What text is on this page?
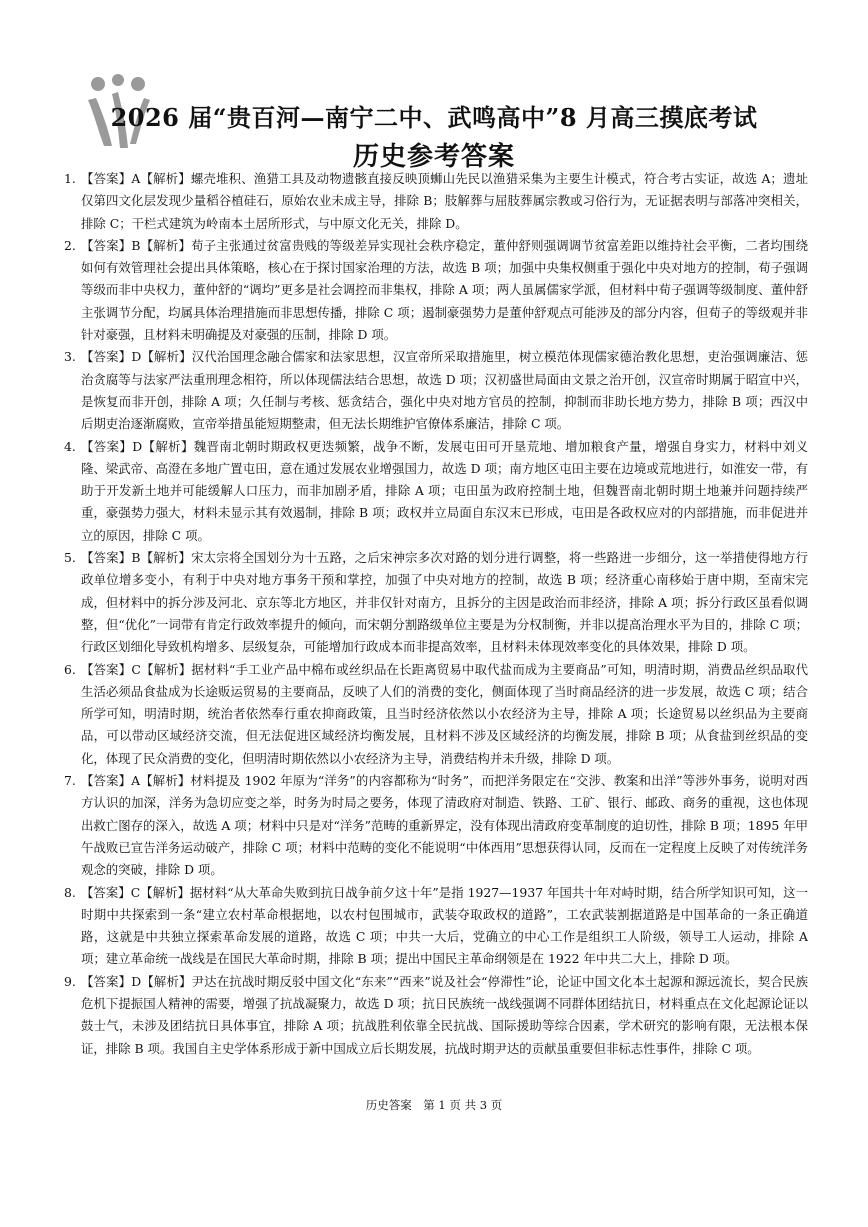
2026 届“贵百河—南宁二中、武鸣高中”8 月高三摸底考试
历史参考答案
1. 【答案】A【解析】螺壳堆积、渔猎工具及动物遗骸直接反映顶蛳山先民以渔猎采集为主要生计模式，符合考古实证，故选 A；遗址仅第四文化层发现少量稻谷植硅石，原始农业未成主导，排除 B；肢解葬与屈肢葬属宗教或习俗行为，无证据表明与部落冲突相关，排除 C；干栏式建筑为岭南本土居所形式，与中原文化无关，排除 D。
2. 【答案】B【解析】荀子主张通过贫富贵贱的等级差异实现社会秩序稳定，董仲舒则强调调节贫富差距以维持社会平衡，二者均围绕如何有效管理社会提出具体策略，核心在于探讨国家治理的方法，故选 B 项；加强中央集权侧重于强化中央对地方的控制，荀子强调等级而非中央权力，董仲舒的“调均”更多是社会调控而非集权，排除 A 项；两人虽属儒家学派，但材料中荀子强调等级制度、董仲舒主张调节分配，均属具体治理措施而非思想传播，排除 C 项；遏制豪强势力是董仲舒观点可能涉及的部分内容，但荀子的等级观并非针对豪强，且材料未明确提及对豪强的压制，排除 D 项。
3. 【答案】D【解析】汉代治国理念融合儒家和法家思想，汉宣帝所采取措施里，树立模范体现儒家德治教化思想，吏治强调廉洁、惩治贪腐等与法家严法重刑理念相符，所以体现儒法结合思想，故选 D 项；汉初盛世局面由文景之治开创，汉宣帝时期属于昭宣中兴，是恢复而非开创，排除 A 项；久任制与考核、惩贪结合，强化中央对地方官员的控制，抑制而非助长地方势力，排除 B 项；西汉中后期吏治逐渐腐败，宣帝举措虽能短期整肃，但无法长期维护官僚体系廉洁，排除 C 项。
4. 【答案】D【解析】魏晋南北朝时期政权更迭频繁，战争不断，发展屯田可开垦荒地、增加粮食产量，增强自身实力，材料中刘义隆、梁武帝、高澄在多地广置屯田，意在通过发展农业增强国力，故选 D 项；南方地区屯田主要在边境或荒地进行，如淮安一带，有助于开发新土地并可能缓解人口压力，而非加剧矛盾，排除 A 项；屯田虽为政府控制土地，但魏晋南北朝时期土地兼并问题持续严重，豪强势力强大，材料未显示其有效遏制，排除 B 项；政权并立局面自东汉末已形成，屯田是各政权应对的内部措施，而非促进并立的原因，排除 C 项。
5. 【答案】B【解析】宋太宗将全国划分为十五路，之后宋神宗多次对路的划分进行调整，将一些路进一步细分，这一举措使得地方行政单位增多变小，有利于中央对地方事务干预和掌控，加强了中央对地方的控制，故选 B 项；经济重心南移始于唐中期，至南宋完成，但材料中的拆分涉及河北、京东等北方地区，并非仅针对南方，且拆分的主因是政治而非经济，排除 A 项；拆分行政区虽看似调整，但“优化”一词带有肯定行政效率提升的倾向，而宋朝分割路级单位主要是为分权制衡，并非以提高治理水平为目的，排除 C 项；行政区划细化导致机构增多、层级复杂，可能增加行政成本而非提高效率，且材料未体现效率变化的具体效果，排除 D 项。
6. 【答案】C【解析】据材料“手工业产品中棉布或丝织品在长距离贸易中取代盐而成为主要商品”可知，明清时期，消费品丝织品取代生活必须品食盐成为长途贩运贸易的主要商品，反映了人们的消费的变化，侧面体现了当时商品经济的进一步发展，故选 C 项；结合所学可知，明清时期，统治者依然奉行重农抑商政策，且当时经济依然以小农经济为主导，排除 A 项；长途贸易以丝织品为主要商品，可以带动区域经济交流，但无法促进区域经济均衡发展，且材料不涉及区域经济的均衡发展，排除 B 项；从食盐到丝织品的变化，体现了民众消费的变化，但明清时期依然以小农经济为主导，消费结构并未升级，排除 D 项。
7. 【答案】A【解析】材料提及 1902 年原为“洋务”的内容都称为“时务”，而把洋务限定在“交涉、教案和出洋”等涉外事务，说明对西方认识的加深，洋务为急切应变之举，时务为时局之要务，体现了清政府对制造、铁路、工矿、银行、邮政、商务的重视，这也体现出救亡图存的深入，故选 A 项；材料中只是对“洋务”范畴的重新界定，没有体现出清政府变革制度的迫切性，排除 B 项；1895 年甲午战败已宣告洋务运动破产，排除 C 项；材料中范畴的变化不能说明“中体西用”思想获得认同，反而在一定程度上反映了对传统洋务观念的突破，排除 D 项。
8. 【答案】C【解析】据材料“从大革命失败到抗日战争前夕这十年”是指 1927—1937 年国共十年对峙时期，结合所学知识可知，这一时期中共探索到一条“建立农村革命根据地，以农村包围城市，武装夺取政权的道路”，工农武装割据道路是中国革命的一条正确道路，这就是中共独立探索革命发展的道路，故选 C 项；中共一大后，党确立的中心工作是组织工人阶级，领导工人运动，排除 A 项；建立革命统一战线是在国民大革命时期，排除 B 项；提出中国民主革命纲领是在 1922 年中共二大上，排除 D 项。
9. 【答案】D【解析】尹达在抗战时期反驳中国文化“东来”“西来”说及社会“停滞性”论，论证中国文化本土起源和源远流长，契合民族危机下提振国人精神的需要，增强了抗战凝聚力，故选 D 项；抗日民族统一战线强调不同群体团结抗日，材料重点在文化起源论证以鼓士气，未涉及团结抗日具体事宜，排除 A 项；抗战胜利依靠全民抗战、国际援助等综合因素，学术研究的影响有限，无法根本保证，排除 B 项。我国自主史学体系形成于新中国成立后长期发展，抗战时期尹达的贡献虽重要但非标志性事件，排除 C 项。
历史答案　第 1 页 共 3 页
